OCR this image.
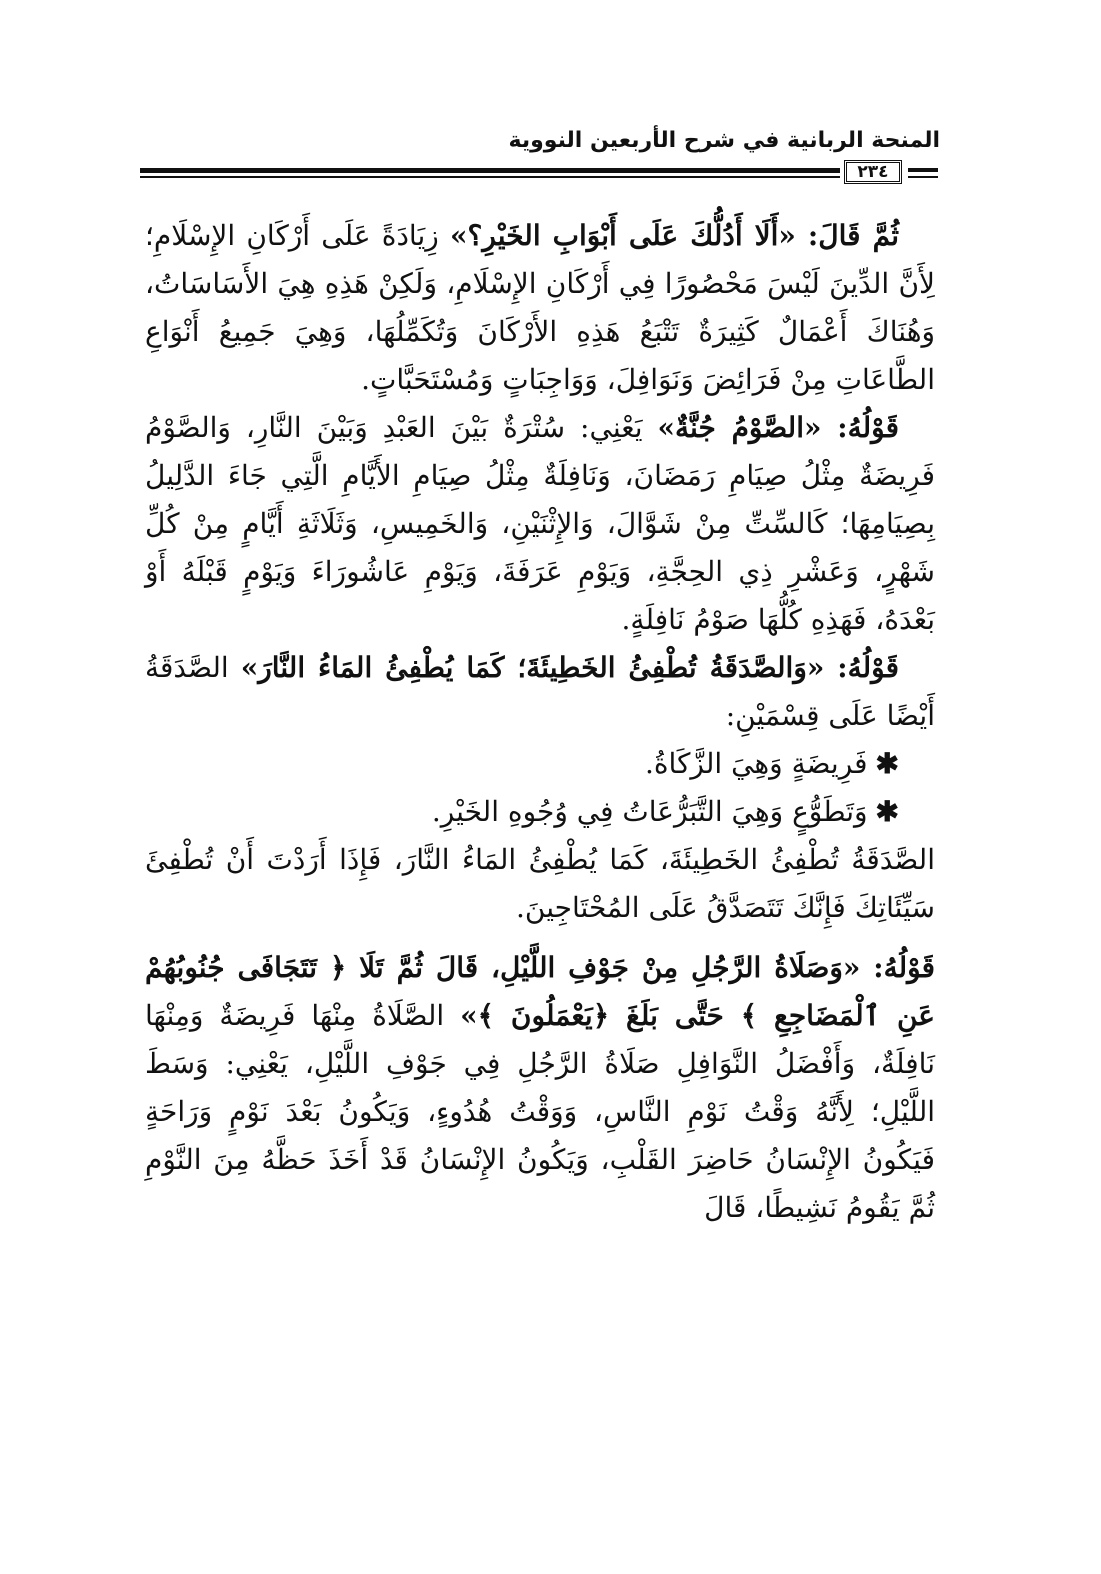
المنحة الربانية في شرح الأربعين النووية
٢٣٤

ثُمَّ قَالَ: «أَلَا أَدُلُّكَ عَلَى أَبْوَابِ الخَيْرِ؟» زِيَادَةً عَلَى أَرْكَانِ الإِسْلَامِ؛ لِأَنَّ الدِّينَ لَيْسَ مَحْصُورًا فِي أَرْكَانِ الإِسْلَامِ، وَلَكِنْ هَذِهِ هِيَ الأَسَاسَاتُ، وَهُنَاكَ أَعْمَالٌ كَثِيرَةٌ تَتْبَعُ هَذِهِ الأَرْكَانَ وَتُكَمِّلُهَا، وَهِيَ جَمِيعُ أَنْوَاعِ الطَّاعَاتِ مِنْ فَرَائِضَ وَنَوَافِلَ، وَوَاجِبَاتٍ وَمُسْتَحَبَّاتٍ.

قَوْلُهُ: «الصَّوْمُ جُنَّةٌ» يَعْنِي: سُتْرَةٌ بَيْنَ العَبْدِ وَبَيْنَ النَّارِ، وَالصَّوْمُ فَرِيضَةٌ مِثْلُ صِيَامِ رَمَضَانَ، وَنَافِلَةٌ مِثْلُ صِيَامِ الأَيَّامِ الَّتِي جَاءَ الدَّلِيلُ بِصِيَامِهَا؛ كَالسِّتِّ مِنْ شَوَّالَ، وَالإِثْنَيْنِ، وَالخَمِيسِ، وَثَلَاثَةِ أَيَّامٍ مِنْ كُلِّ شَهْرٍ، وَعَشْرِ ذِي الحِجَّةِ، وَيَوْمِ عَرَفَةَ، وَيَوْمِ عَاشُورَاءَ وَيَوْمٍ قَبْلَهُ أَوْ بَعْدَهُ، فَهَذِهِ كُلُّهَا صَوْمُ نَافِلَةٍ.

قَوْلُهُ: «وَالصَّدَقَةُ تُطْفِئُ الخَطِيئَةَ؛ كَمَا يُطْفِئُ المَاءُ النَّارَ» الصَّدَقَةُ أَيْضًا عَلَى قِسْمَيْنِ:

✱فَرِيضَةٍ وَهِيَ الزَّكَاةُ.

✱وَتَطَوُّعٍ وَهِيَ التَّبَرُّعَاتُ فِي وُجُوهِ الخَيْرِ.

الصَّدَقَةُ تُطْفِئُ الخَطِيئَةَ، كَمَا يُطْفِئُ المَاءُ النَّارَ، فَإِذَا أَرَدْتَ أَنْ تُطْفِئَ سَيِّئَاتِكَ فَإِنَّكَ تَتَصَدَّقُ عَلَى المُحْتَاجِينَ.

قَوْلُهُ: «وَصَلَاةُ الرَّجُلِ مِنْ جَوْفِ اللَّيْلِ، قَالَ ثُمَّ تَلَا ﴿ تَتَجَافَى جُنُوبُهُمْ عَنِ ٱلْمَضَاجِعِ ﴾ حَتَّى بَلَغَ ﴿يَعْمَلُونَ ﴾» الصَّلَاةُ مِنْهَا فَرِيضَةٌ وَمِنْهَا نَافِلَةٌ، وَأَفْضَلُ النَّوَافِلِ صَلَاةُ الرَّجُلِ فِي جَوْفِ اللَّيْلِ، يَعْنِي: وَسَطَ اللَّيْلِ؛ لِأَنَّهُ وَقْتُ نَوْمِ النَّاسِ، وَوَقْتُ هُدُوءٍ، وَيَكُونُ بَعْدَ نَوْمٍ وَرَاحَةٍ فَيَكُونُ الإِنْسَانُ حَاضِرَ القَلْبِ، وَيَكُونُ الإِنْسَانُ قَدْ أَخَذَ حَظَّهُ مِنَ النَّوْمِ ثُمَّ يَقُومُ نَشِيطًا، قَالَ
